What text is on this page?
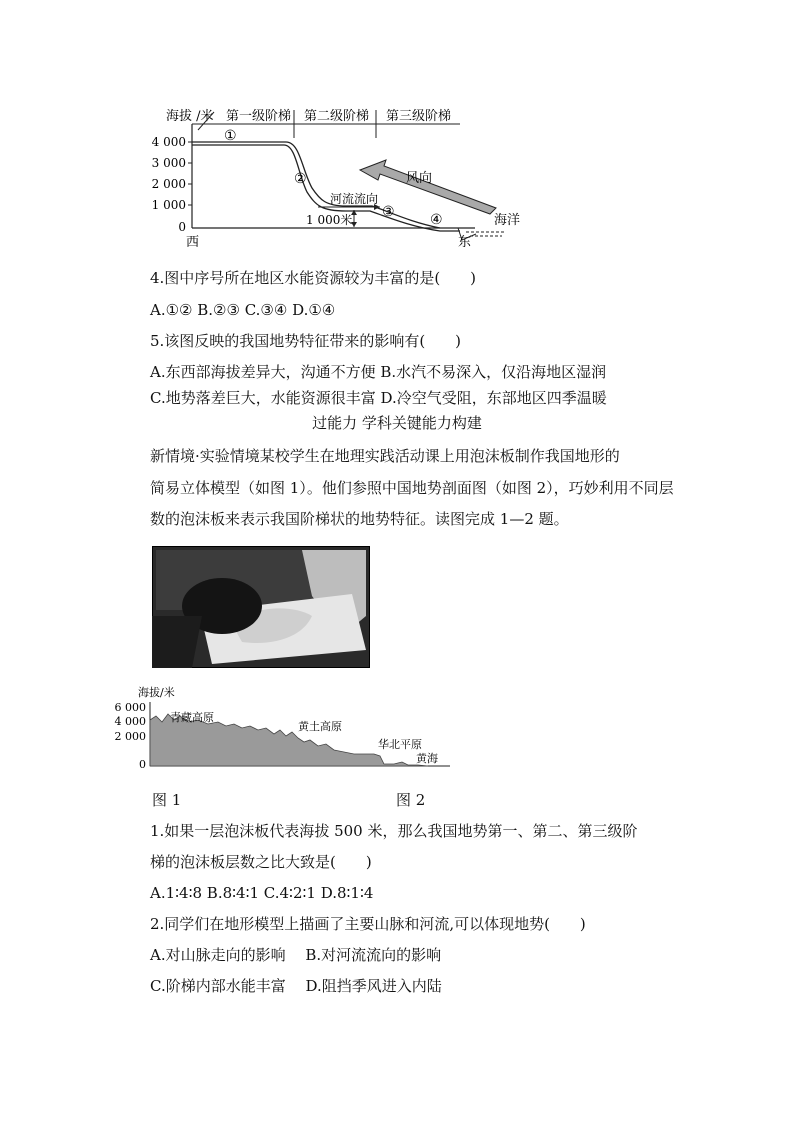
海拔 /米 第一级阶梯 第二级阶梯 第三级阶梯
4 000
3 000
2 000
1 000
0
①
②
③	④
河流流向
1 000米
风向
海洋
西	东
4.图中序号所在地区水能资源较为丰富的是(　　)
A.①② B.②③ C.③④ D.①④
5.该图反映的我国地势特征带来的影响有(　　)
A.东西部海拔差异大，沟通不方便 B.水汽不易深入，仅沿海地区湿润
C.地势落差巨大，水能资源很丰富 D.冷空气受阻，东部地区四季温暖
过能力 学科关键能力构建
新情境·实验情境某校学生在地理实践活动课上用泡沫板制作我国地形的
简易立体模型（如图 1）。他们参照中国地势剖面图（如图 2），巧妙利用不同层
数的泡沫板来表示我国阶梯状的地势特征。读图完成 1—2 题。
海拔/米
6 000
4 000
2 000
0
青藏高原
黄土高原
华北平原
黄海
图 1	图 2
1.如果一层泡沫板代表海拔 500 米，那么我国地势第一、第二、第三级阶
梯的泡沫板层数之比大致是(　　)
A.1∶4∶8 B.8∶4∶1 C.4∶2∶1 D.8∶1∶4
2.同学们在地形模型上描画了主要山脉和河流,可以体现地势(　　)
A.对山脉走向的影响　 B.对河流流向的影响
C.阶梯内部水能丰富　 D.阻挡季风进入内陆
